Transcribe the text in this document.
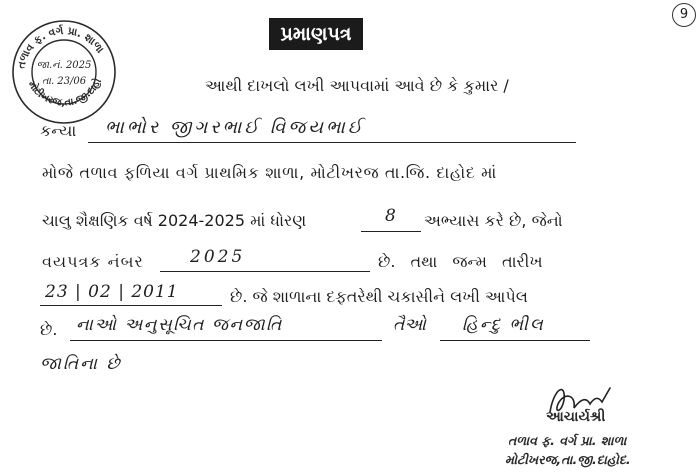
તળાવ ફ. વર્ગ પ્રા. શાળા
મોટીખરજ,તા.જી.દાહો
જા.નં. 2025
તા. 23/06
પ્રમાણપત્ર
9
આથી દાખલો લખી આપવામાં આવે છે કે કુમાર /
કન્યા ભાભોર જીગરભાઈ વિજયભાઈ
મોજે તળાવ ફળિયા વર્ગ પ્રાથમિક શાળા, મોટીખરજ તા.જિ. દાહોદ માં
ચાલુ શૈક્ષણિક વર્ષ 2024-2025 માં ધોરણ	8 અભ્યાસ કરે છે, જેનો
વયપત્રક નંબર	2025	છે. તથા જન્મ તારીખ
23 | 02 | 2011	છે. જે શાળાના દફતરેથી ચકાસીને લખી આપેલ
છે. નાઓ અનુસૂચિત જનજાતિ	તૈઓ હિન્દુ ભીલ
જાતિના છે
આચાર્યશ્રી
તળાવ ફ. વર્ગ પ્રા. શાળા
મોટીખરજ,તા.જી.દાહોદ.
